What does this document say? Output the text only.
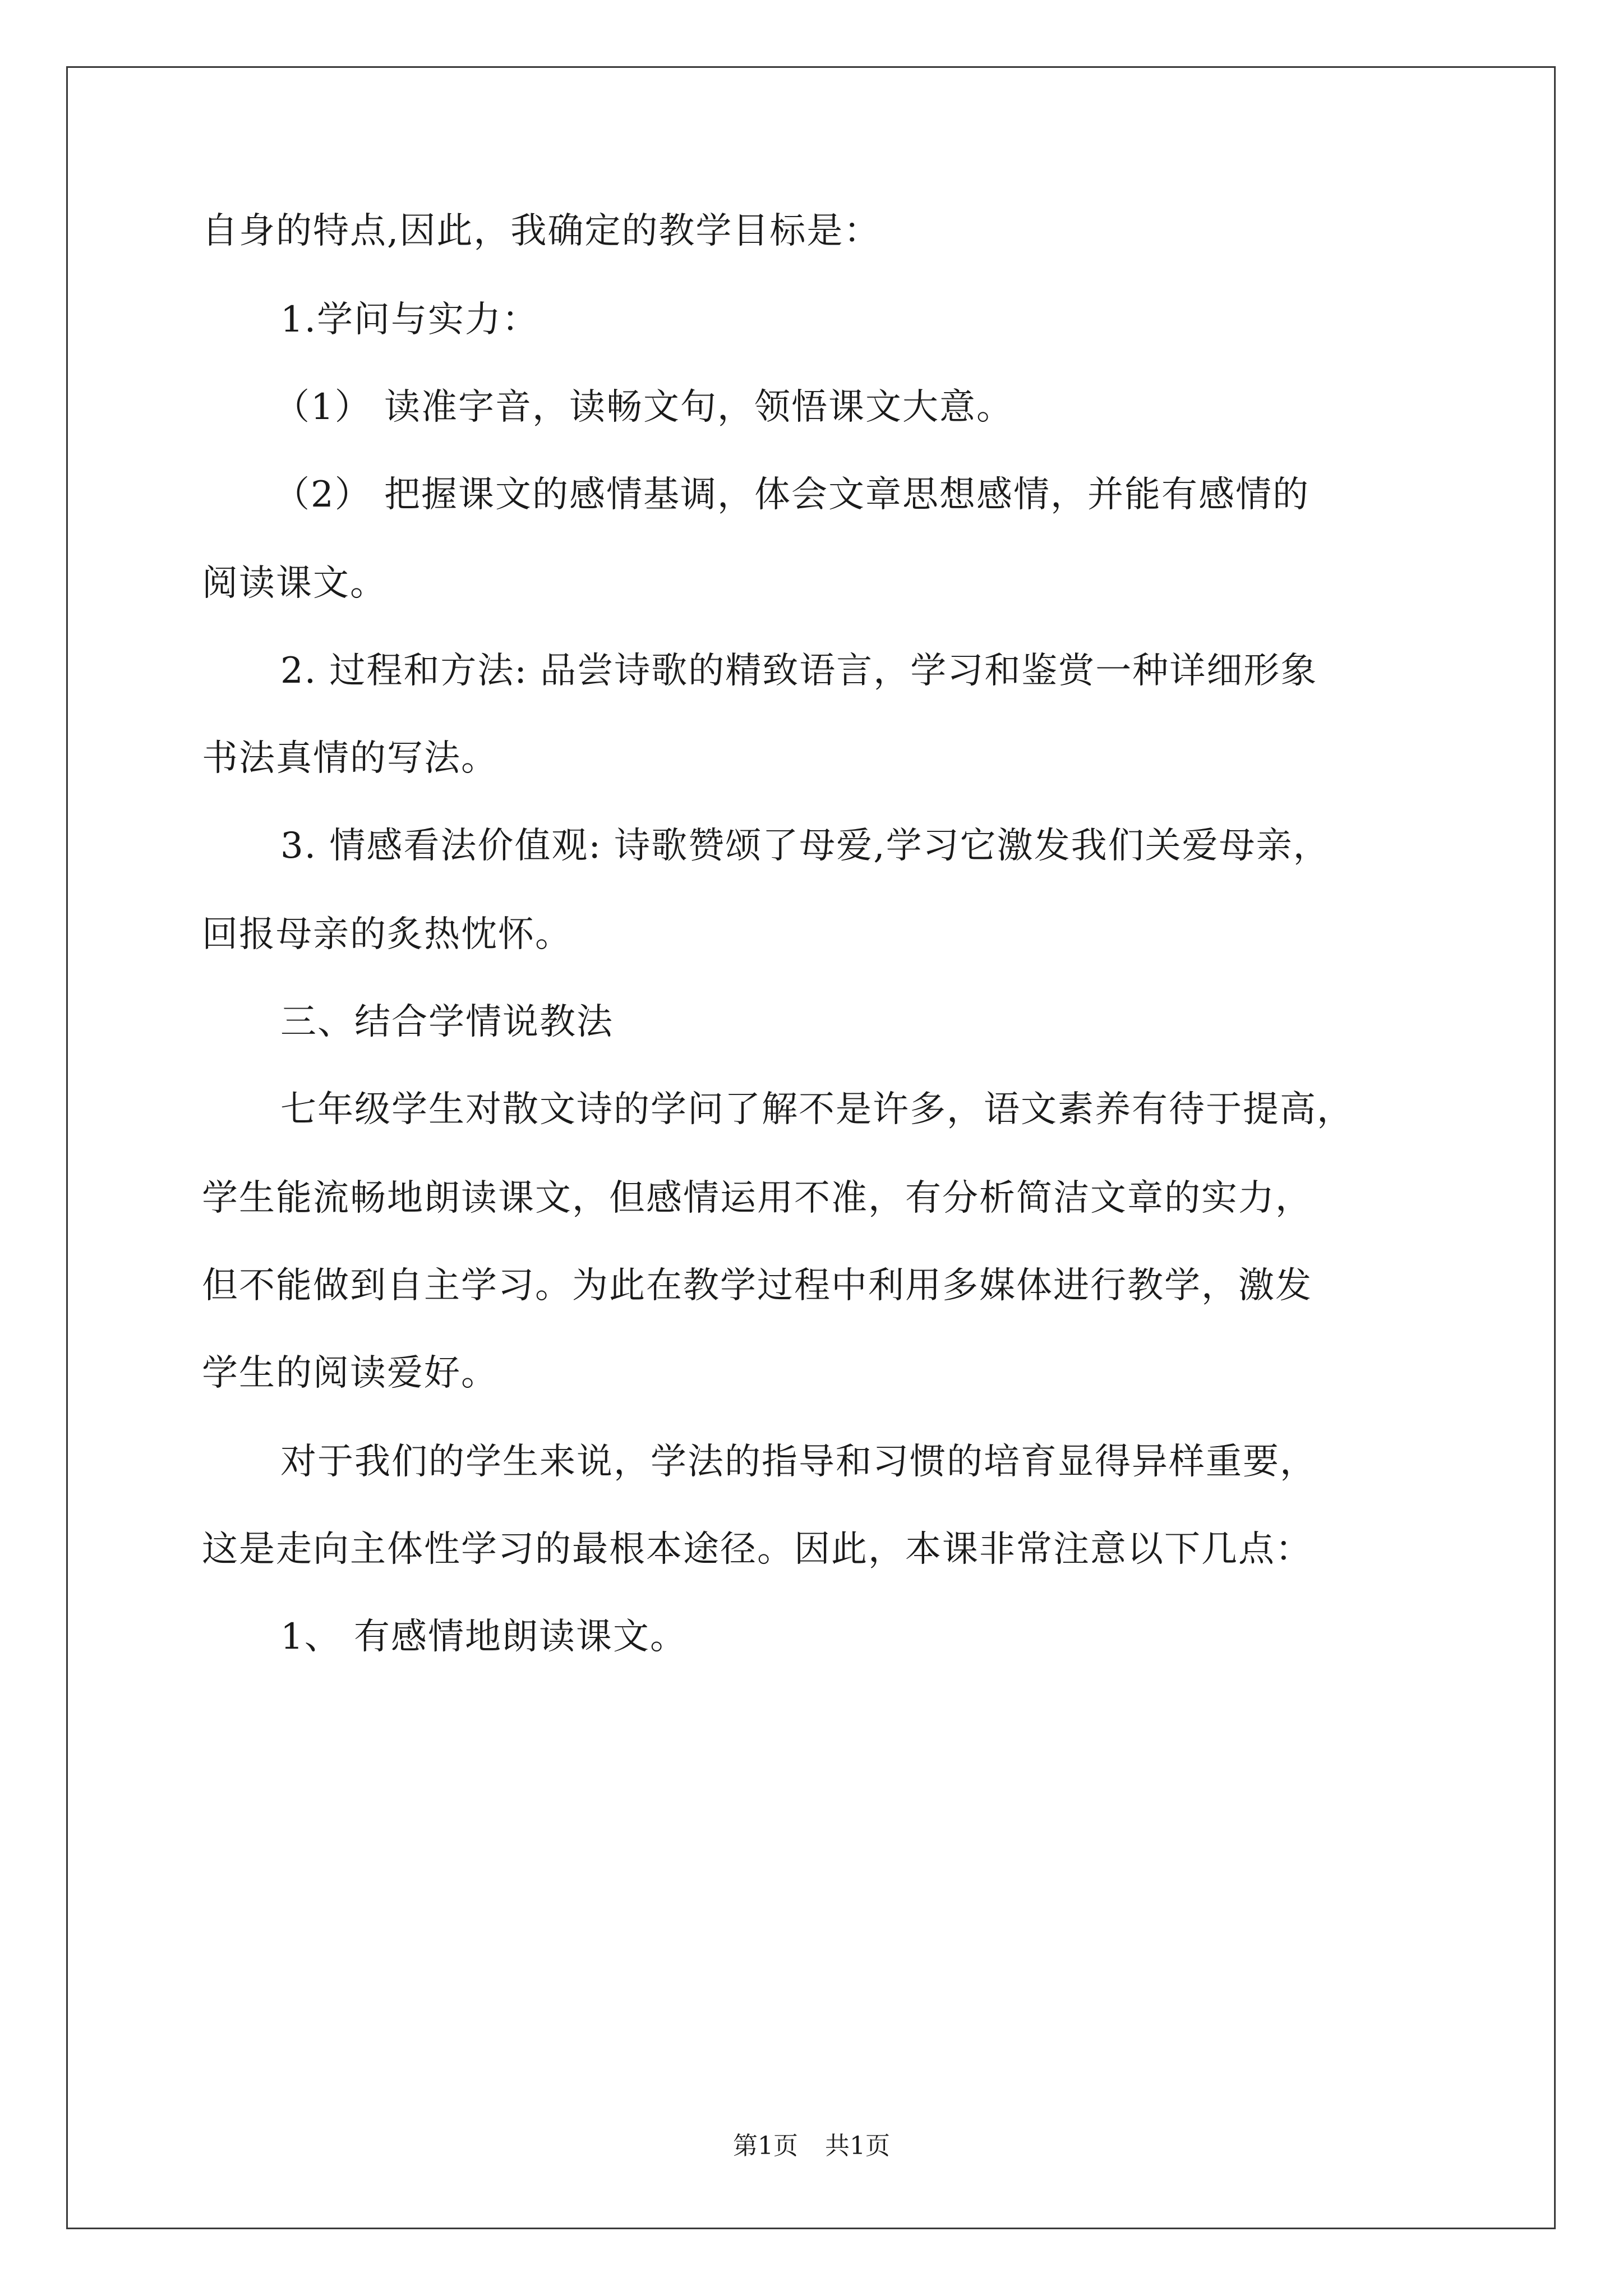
自身的特点,因此，我确定的教学目标是：

1.学问与实力：

（1） 读准字音，读畅文句，领悟课文大意。

（2） 把握课文的感情基调，体会文章思想感情，并能有感情的

阅读课文。

2. 过程和方法: 品尝诗歌的精致语言，学习和鉴赏一种详细形象

书法真情的写法。

3. 情感看法价值观: 诗歌赞颂了母爱,学习它激发我们关爱母亲，

回报母亲的炙热忱怀。

三、结合学情说教法

七年级学生对散文诗的学问了解不是许多，语文素养有待于提高，

学生能流畅地朗读课文，但感情运用不准，有分析简洁文章的实力，

但不能做到自主学习。为此在教学过程中利用多媒体进行教学，激发

学生的阅读爱好。

对于我们的学生来说，学法的指导和习惯的培育显得异样重要，

这是走向主体性学习的最根本途径。因此，本课非常注意以下几点：

1、 有感情地朗读课文。

第1页 共1页
